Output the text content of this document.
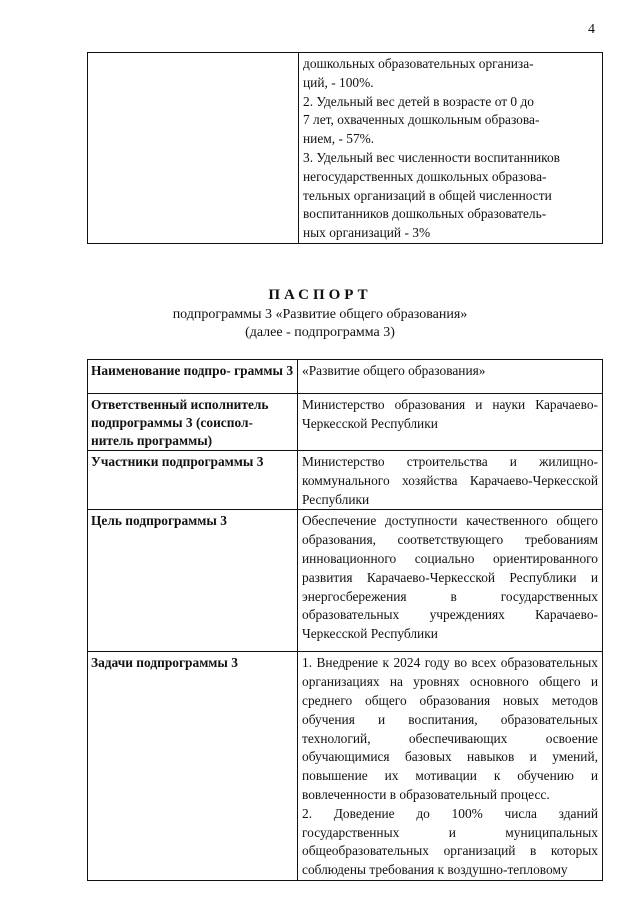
4

дошкольных образовательных организа-
ций, - 100%.
2. Удельный вес детей в возрасте от 0 до
7 лет, охваченных дошкольным образова-
нием, - 57%.
3. Удельный вес численности воспитанников
негосударственных дошкольных образова-
тельных организаций в общей численности
воспитанников дошкольных образователь-
ных организаций - 3%
ПАСПОРТ
подпрограммы 3 «Развитие общего образования»
(далее - подпрограмма 3)
Наименование подпро- граммы 3	«Развитие общего образования»
Ответственный исполнитель подпрограммы 3 (соиспол- нитель программы)	Министерство образования и науки Карачаево-Черкесской Республики
Участники подпрограммы 3	Министерство строительства и жилищно-коммунального хозяйства Карачаево-Черкесской Республики
Цель подпрограммы 3	Обеспечение доступности качественного общего образования, соответствующего требованиям инновационного социально ориентированного развития Карачаево-Черкесской Республики и энергосбережения в государственных образовательных учреждениях Карачаево-Черкесской Республики
Задачи подпрограммы 3	1. Внедрение к 2024 году во всех образовательных организациях на уровнях основного общего и среднего общего образования новых методов обучения и воспитания, образовательных технологий, обеспечивающих освоение обучающимися базовых навыков и умений, повышение их мотивации к обучению и вовлеченности в образовательный процесс.
2. Доведение до 100% числа зданий государственных и муниципальных общеобразовательных организаций в которых соблюдены требования к воздушно-тепловому
